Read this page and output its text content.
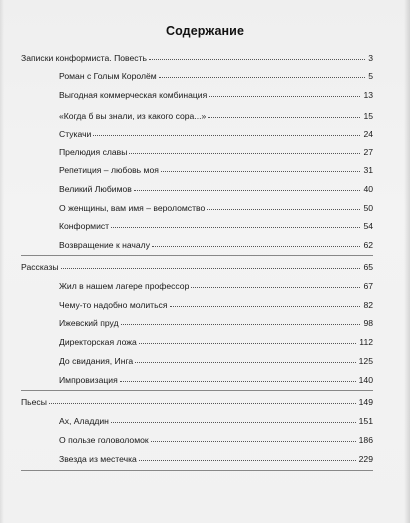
Содержание
Записки конформиста. Повесть	3
Роман с Голым Королём	5
Выгодная коммерческая комбинация	13
«Когда б вы знали, из какого сора...»	15
Стукачи	24
Прелюдия славы	27
Репетиция – любовь моя	31
Великий Любимов	40
О женщины, вам имя – вероломство	50
Конформист	54
Возвращение к началу	62
Рассказы	65
Жил в нашем лагере профессор	67
Чему-то надобно молиться	82
Ижевский пруд	98
Директорская ложа	112
До свидания, Инга	125
Импровизация	140
Пьесы	149
Ах, Аладдин	151
О пользе головоломок	186
Звезда из местечка	229
